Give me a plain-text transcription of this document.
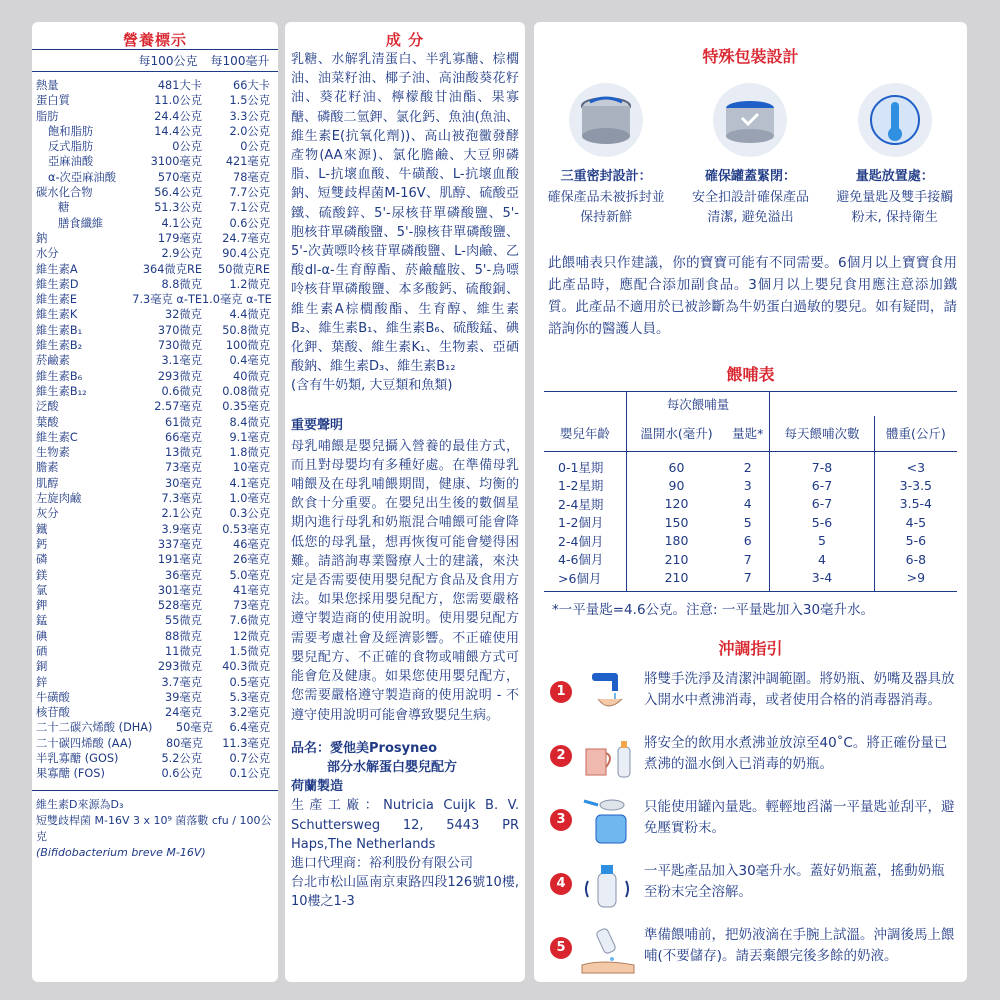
營養標示
每100公克	每100毫升
熱量	481大卡	66大卡
蛋白質	11.0公克	1.5公克
脂肪	24.4公克	3.3公克
飽和脂肪	14.4公克	2.0公克
反式脂肪	0公克	0公克
亞麻油酸	3100毫克	421毫克
α-次亞麻油酸	570毫克	78毫克
碳水化合物	56.4公克	7.7公克
糖	51.3公克	7.1公克
膳食纖維	4.1公克	0.6公克
鈉	179毫克	24.7毫克
水分	2.9公克	90.4公克
維生素A	364微克RE	50微克RE
維生素D	8.8微克	1.2微克
維生素E	7.3毫克 α-TE 1.0毫克 α-TE
維生素K	32微克	4.4微克
維生素B₁	370微克	50.8微克
維生素B₂	730微克	100微克
菸鹼素	3.1毫克	0.4毫克
維生素B₆	293微克	40微克
維生素B₁₂	0.6微克	0.08微克
泛酸	2.57毫克	0.35毫克
葉酸	61微克	8.4微克
維生素C	66毫克	9.1毫克
生物素	13微克	1.8微克
膽素	73毫克	10毫克
肌醇	30毫克	4.1毫克
左旋肉鹼	7.3毫克	1.0毫克
灰分	2.1公克	0.3公克
鐵	3.9毫克	0.53毫克
鈣	337毫克	46毫克
磷	191毫克	26毫克
鎂	36毫克	5.0毫克
氯	301毫克	41毫克
鉀	528毫克	73毫克
錳	55微克	7.6微克
碘	88微克	12微克
硒	11微克	1.5微克
銅	293微克	40.3微克
鋅	3.7毫克	0.5毫克
牛磺酸	39毫克	5.3毫克
核苷酸	24毫克	3.2毫克
二十二碳六烯酸 (DHA)	50毫克	6.4毫克
二十碳四烯酸 (AA)	80毫克	11.3毫克
半乳寡醣 (GOS)	5.2公克	0.7公克
果寡醣 (FOS)	0.6公克	0.1公克
維生素D來源為D₃
短雙歧桿菌 M-16V 3 x 10⁹ 菌落數 cfu / 100公克
(Bifidobacterium breve M-16V)
成 分
乳糖、水解乳清蛋白、半乳寡醣、棕櫚油、油菜籽油、椰子油、高油酸葵花籽油、葵花籽油、檸檬酸甘油酯、果寡醣、磷酸二氫鉀、氯化鈣、魚油(魚油、維生素E(抗氧化劑))、高山被孢黴發酵產物(AA來源)、氯化膽鹼、大豆卵磷脂、L-抗壞血酸、牛磺酸、L-抗壞血酸鈉、短雙歧桿菌M-16V、肌醇、硫酸亞鐵、硫酸鋅、5'-尿核苷單磷酸鹽、5'-胞核苷單磷酸鹽、5'-腺核苷單磷酸鹽、5'-次黃嘌呤核苷單磷酸鹽、L-肉鹼、乙酸dl-α-生育醇酯、菸鹼醯胺、5'-鳥嘌呤核苷單磷酸鹽、本多酸鈣、硫酸銅、維生素A棕櫚酸酯、生育醇、維生素B₂、維生素B₁、維生素B₆、硫酸錳、碘化鉀、葉酸、維生素K₁、生物素、亞硒酸鈉、維生素D₃、維生素B₁₂
(含有牛奶類, 大豆類和魚類)
重要聲明
母乳哺餵是嬰兒攝入營養的最佳方式，而且對母嬰均有多種好處。在準備母乳哺餵及在母乳哺餵期間，健康、均衡的飲食十分重要。在嬰兒出生後的數個星期內進行母乳和奶瓶混合哺餵可能會降低您的母乳量，想再恢復可能會變得困難。請諮詢專業醫療人士的建議，來決定是否需要使用嬰兒配方食品及食用方法。如果您採用嬰兒配方，您需要嚴格遵守製造商的使用說明。使用嬰兒配方需要考慮社會及經濟影響。不正確使用嬰兒配方、不正確的食物或哺餵方式可能會危及健康。如果您使用嬰兒配方，您需要嚴格遵守製造商的使用說明 - 不遵守使用說明可能會導致嬰兒生病。
品名：愛他美Prosyneo
部分水解蛋白嬰兒配方
荷蘭製造
生產工廠：Nutricia Cuijk B. V. Schuttersweg 12, 5443 PR Haps,The Netherlands
進口代理商：裕利股份有限公司
台北市松山區南京東路四段126號10樓, 10樓之1-3
特殊包裝設計
三重密封設計：
確保產品未被拆封並保持新鮮
確保罐蓋緊閉：
安全扣設計確保產品清潔, 避免溢出
量匙放置處：
避免量匙及雙手接觸粉末, 保持衛生
此餵哺表只作建議，你的寶寶可能有不同需要。6個月以上寶寶食用此產品時，應配合添加副食品。3個月以上嬰兒食用應注意添加鐵質。此產品不適用於已被診斷為牛奶蛋白過敏的嬰兒。如有疑問，請諮詢你的醫護人員。
餵哺表
	每次餵哺量			
嬰兒年齡	溫開水(毫升)	量匙*	每天餵哺次數	體重(公斤)
0-1星期	60	2	7-8	<3
1-2星期	90	3	6-7	3-3.5
2-4星期	120	4	6-7	3.5-4
1-2個月	150	5	5-6	4-5
2-4個月	180	6	5	5-6
4-6個月	210	7	4	6-8
>6個月	210	7	3-4	>9
*一平量匙=4.6公克。注意: 一平量匙加入30毫升水。
沖調指引
1
將雙手洗淨及清潔沖調範圍。將奶瓶、奶嘴及器具放入開水中煮沸消毒，或者使用合格的消毒器消毒。
2
將安全的飲用水煮沸並放涼至40˚C。將正確份量已煮沸的溫水倒入已消毒的奶瓶。
3
只能使用罐內量匙。輕輕地舀滿一平量匙並刮平，避免壓實粉末。
4
一平匙產品加入30毫升水。蓋好奶瓶蓋，搖動奶瓶至粉末完全溶解。
5
準備餵哺前，把奶液滴在手腕上試溫。沖調後馬上餵哺(不要儲存)。請丟棄餵完後多餘的奶液。
